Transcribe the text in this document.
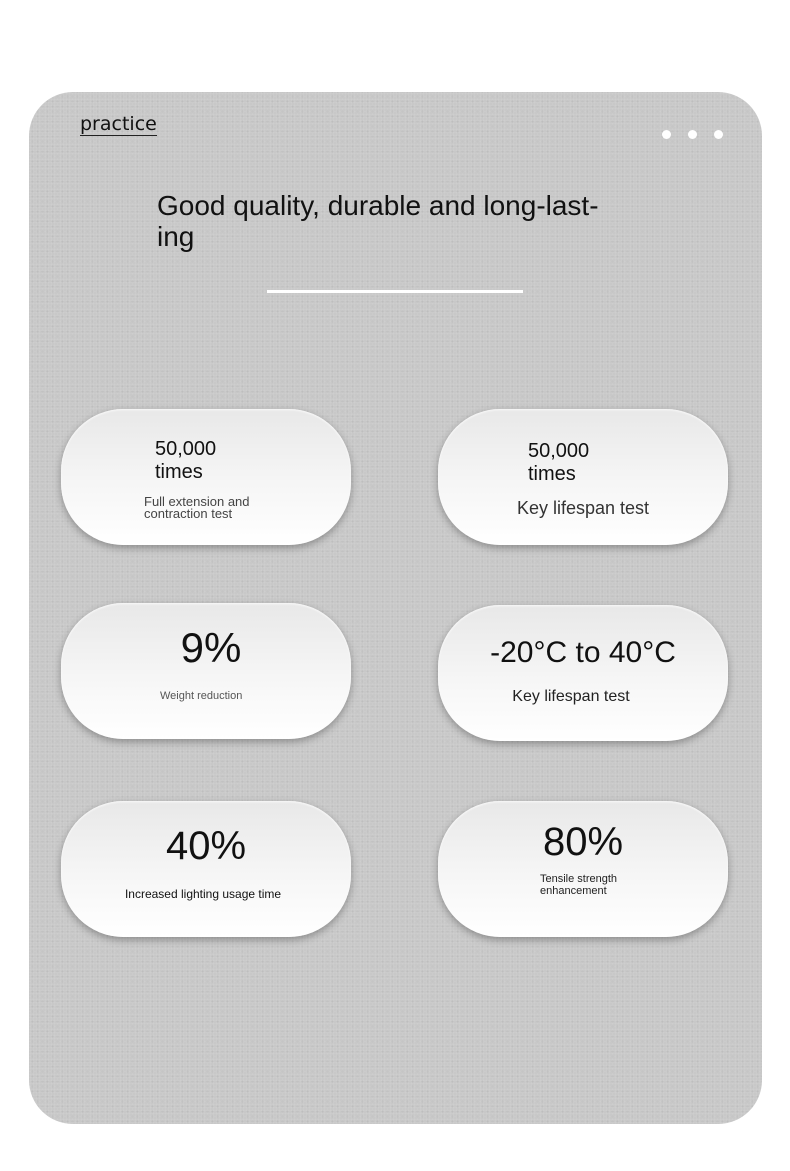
practice
Good quality, durable and long-last-
ing
50,000
times
Full extension and
contraction test
50,000
times
Key lifespan test
9%
Weight reduction
-20°C to 40°C
Key lifespan test
40%
Increased lighting usage time
80%
Tensile strength
enhancement
